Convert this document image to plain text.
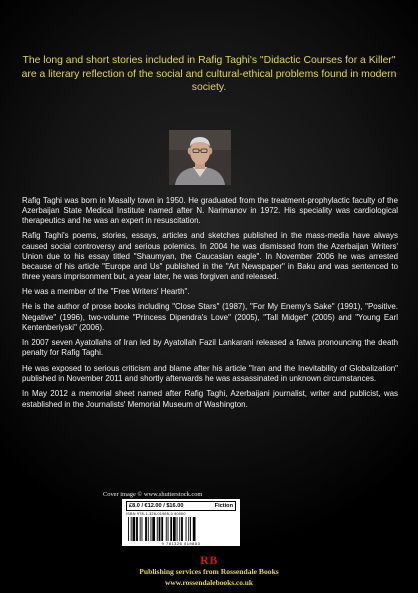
The long and short stories included in Rafig Taghi's "Didactic Courses for a Killer" are a literary reflection of the social and cultural-ethical problems found in modern society.

Rafig Taghi was born in Masally town in 1950. He graduated from the treatment-prophylactic faculty of the Azerbaijan State Medical Institute named after N. Narimanov in 1972. His speciality was cardiological therapeutics and he was an expert in resuscitation.

Rafig Taghi's poems, stories, essays, articles and sketches published in the mass-media have always caused social controversy and serious polemics. In 2004 he was dismissed from the Azerbaijan Writers' Union due to his essay titled "Shaumyan, the Caucasian eagle". In November 2006 he was arrested because of his article "Europe and Us" published in the "Art Newspaper" in Baku and was sentenced to three years imprisonment but, a year later, he was forgiven and released.

He was a member of the "Free Writers' Hearth".

He is the author of prose books including "Close Stars" (1987), "For My Enemy's Sake" (1991), "Positive. Negative" (1996), two-volume "Princess Dipendra's Love" (2005), "Tall Midget" (2005) and "Young Earl Kentenberiyski" (2006).

In 2007 seven Ayatollahs of Iran led by Ayatollah Fazil Lankarani released a fatwa pronouncing the death penalty for Rafig Taghi.

He was exposed to serious criticism and blame after his article "Iran and the Inevitability of Globalization" published in November 2011 and shortly afterwards he was assassinated in unknown circumstances.

In May 2012 a memorial sheet named after Rafig Taghi, Azerbaijani journalist, writer and publicist, was established in the Journalists' Memorial Museum of Washington.

Cover image © www.shutterstock.com
£8.0 / €12.00 / $16.00	Fiction
ISBN 978-1-326-01985-3 90000
9 781326 019853
RB
Publishing services from Rossendale Books
www.rossendalebooks.co.uk
